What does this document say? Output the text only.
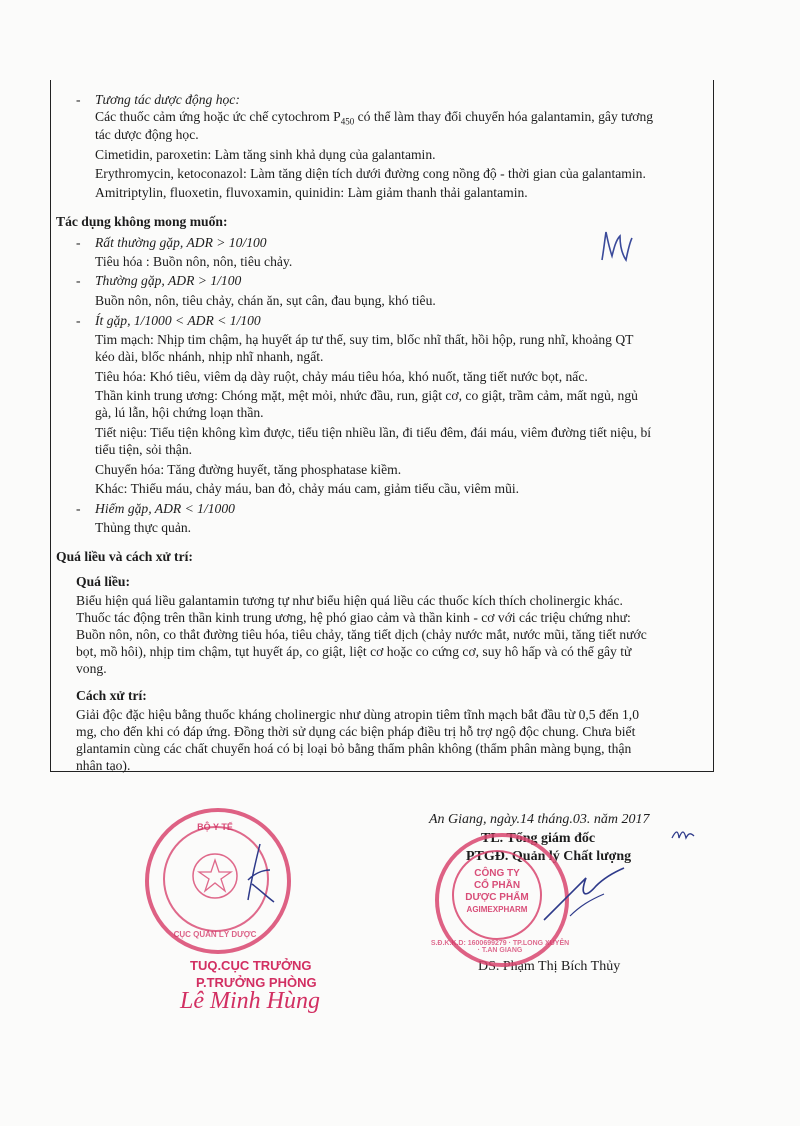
- Tương tác dược động học:
Các thuốc cảm ứng hoặc ức chế cytochrom $P_{450}$ có thể làm thay đổi chuyển hóa galantamin, gây tương
tác dược động học.
Cimetidin, paroxetin: Làm tăng sinh khả dụng của galantamin.
Erythromycin, ketoconazol: Làm tăng diện tích dưới đường cong nồng độ - thời gian của galantamin.
Amitriptylin, fluoxetin, fluvoxamin, quinidin: Làm giảm thanh thải galantamin.
Tác dụng không mong muốn:
- Rất thường gặp, ADR > 10/100
Tiêu hóa : Buồn nôn, nôn, tiêu chảy.
- Thường gặp, ADR > 1/100
Buồn nôn, nôn, tiêu chảy, chán ăn, sụt cân, đau bụng, khó tiêu.
- Ít gặp, 1/1000 < ADR < 1/100
Tim mạch: Nhịp tim chậm, hạ huyết áp tư thế, suy tim, blốc nhĩ thất, hồi hộp, rung nhĩ, khoảng QT
kéo dài, blốc nhánh, nhịp nhĩ nhanh, ngất.
Tiêu hóa: Khó tiêu, viêm dạ dày ruột, chảy máu tiêu hóa, khó nuốt, tăng tiết nước bọt, nấc.
Thần kinh trung ương: Chóng mặt, mệt mỏi, nhức đầu, run, giật cơ, co giật, trầm cảm, mất ngủ, ngủ
gà, lú lẫn, hội chứng loạn thần.
Tiết niệu: Tiểu tiện không kìm được, tiểu tiện nhiều lần, đi tiểu đêm, đái máu, viêm đường tiết niệu, bí
tiểu tiện, sỏi thận.
Chuyển hóa: Tăng đường huyết, tăng phosphatase kiềm.
Khác: Thiếu máu, chảy máu, ban đỏ, chảy máu cam, giảm tiểu cầu, viêm mũi.
- Hiếm gặp, ADR < 1/1000
Thủng thực quản.
Quá liều và cách xử trí:
Quá liều:
Biểu hiện quá liều galantamin tương tự như biểu hiện quá liều các thuốc kích thích cholinergic khác.
Thuốc tác động trên thần kinh trung ương, hệ phó giao cảm và thần kinh - cơ với các triệu chứng như:
Buồn nôn, nôn, co thắt đường tiêu hóa, tiêu chảy, tăng tiết dịch (chảy nước mắt, nước mũi, tăng tiết nước
bọt, mồ hôi), nhịp tim chậm, tụt huyết áp, co giật, liệt cơ hoặc co cứng cơ, suy hô hấp và có thể gây tử
vong.
Cách xử trí:
Giải độc đặc hiệu bằng thuốc kháng cholinergic như dùng atropin tiêm tĩnh mạch bắt đầu từ 0,5 đến 1,0
mg, cho đến khi có đáp ứng. Đồng thời sử dụng các biện pháp điều trị hỗ trợ ngộ độc chung. Chưa biết
glantamin cùng các chất chuyển hoá có bị loại bỏ bằng thẩm phân không (thẩm phân màng bụng, thận
nhân tạo).
An Giang, ngày.14 tháng.03. năm 2017
TL. Tổng giám đốc
PTGĐ. Quản lý Chất lượng
DS. Phạm Thị Bích Thủy
CÔNG TY
CỔ PHẦN
DƯỢC PHẨM
AGIMEXPHARM
S.Đ.K.K.D: 1600699279 · TP.LONG XUYÊN · T.AN GIANG
BỘ Y TẾ
CỤC QUẢN LÝ DƯỢC
TUQ.CỤC TRƯỞNG
P.TRƯỞNG PHÒNG
Lê Minh Hùng
